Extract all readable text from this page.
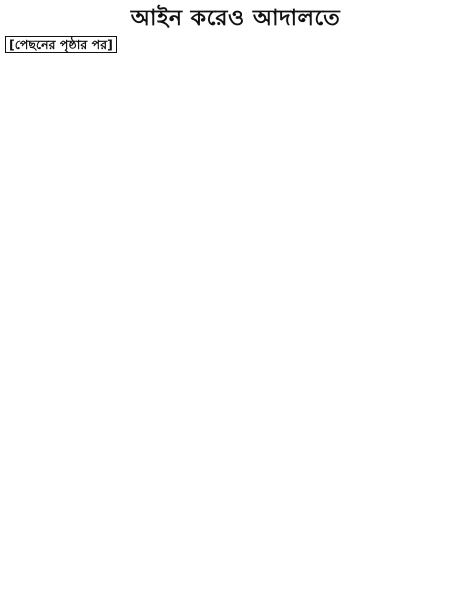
আইন করেও আদালতে

[পেছনের পৃষ্ঠার পর]
